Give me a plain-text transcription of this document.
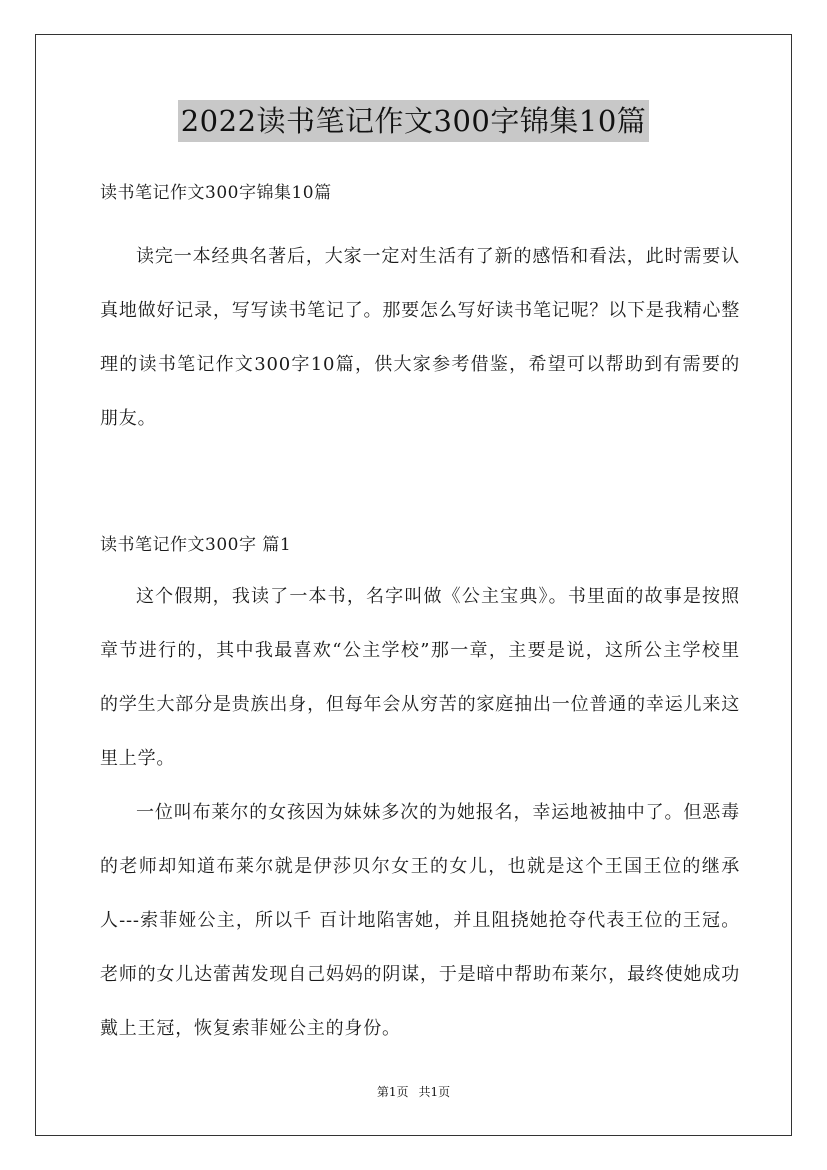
2022读书笔记作文300字锦集10篇

读书笔记作文300字锦集10篇

读完一本经典名著后，大家一定对生活有了新的感悟和看法，此时需要认真地做好记录，写写读书笔记了。那要怎么写好读书笔记呢？以下是我精心整理的读书笔记作文300字10篇，供大家参考借鉴，希望可以帮助到有需要的朋友。

读书笔记作文300字 篇1

这个假期，我读了一本书，名字叫做《公主宝典》。书里面的故事是按照章节进行的，其中我最喜欢“公主学校”那一章，主要是说，这所公主学校里的学生大部分是贵族出身，但每年会从穷苦的家庭抽出一位普通的幸运儿来这里上学。

一位叫布莱尔的女孩因为妹妹多次的为她报名，幸运地被抽中了。但恶毒的老师却知道布莱尔就是伊莎贝尔女王的女儿，也就是这个王国王位的继承人---索菲娅公主，所以千 百计地陷害她，并且阻挠她抢夺代表王位的王冠。老师的女儿达蕾茜发现自己妈妈的阴谋，于是暗中帮助布莱尔，最终使她成功戴上王冠，恢复索菲娅公主的身份。

第1页 共1页
